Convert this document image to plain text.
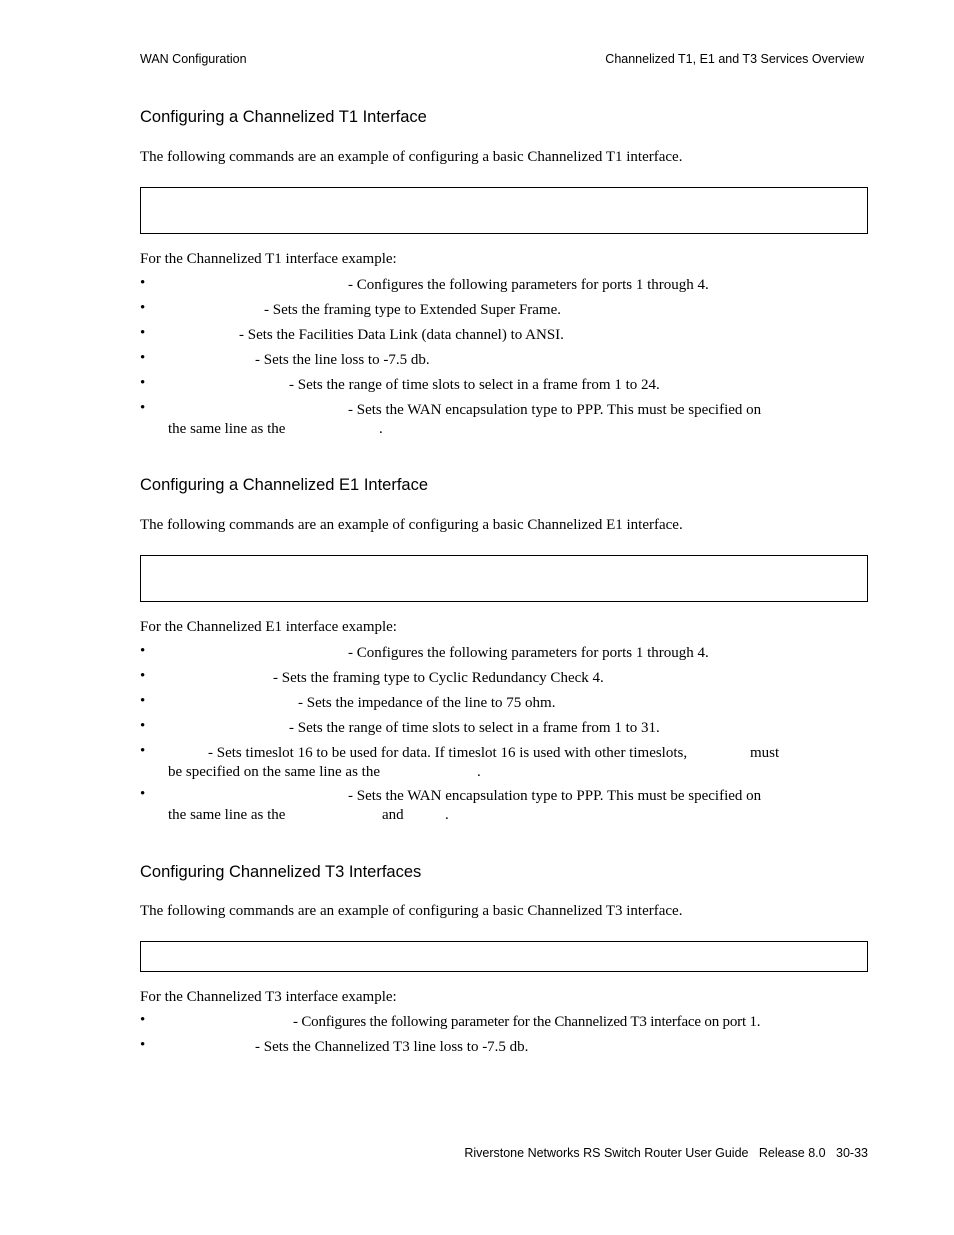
WAN Configuration	Channelized T1, E1 and T3 Services Overview
Configuring a Channelized T1 Interface
The following commands are an example of configuring a basic Channelized T1 interface.
For the Channelized T1 interface example:
•	- Configures the following parameters for ports 1 through 4.
•	- Sets the framing type to Extended Super Frame.
•	- Sets the Facilities Data Link (data channel) to ANSI.
•	- Sets the line loss to -7.5 db.
•	- Sets the range of time slots to select in a frame from 1 to 24.
•	- Sets the WAN encapsulation type to PPP. This must be specified on
the same line as the	.
Configuring a Channelized E1 Interface
The following commands are an example of configuring a basic Channelized E1 interface.
For the Channelized E1 interface example:
•	- Configures the following parameters for ports 1 through 4.
•	- Sets the framing type to Cyclic Redundancy Check 4.
•	- Sets the impedance of the line to 75 ohm.
•	- Sets the range of time slots to select in a frame from 1 to 31.
•	- Sets timeslot 16 to be used for data. If timeslot 16 is used with other timeslots,	must
be specified on the same line as the	.
•	- Sets the WAN encapsulation type to PPP. This must be specified on
the same line as the	and	.
Configuring Channelized T3 Interfaces
The following commands are an example of configuring a basic Channelized T3 interface.
For the Channelized T3 interface example:
•	- Configures the following parameter for the Channelized T3 interface on port 1.
•	- Sets the Channelized T3 line loss to -7.5 db.
Riverstone Networks RS Switch Router User Guide   Release 8.0   30-33
